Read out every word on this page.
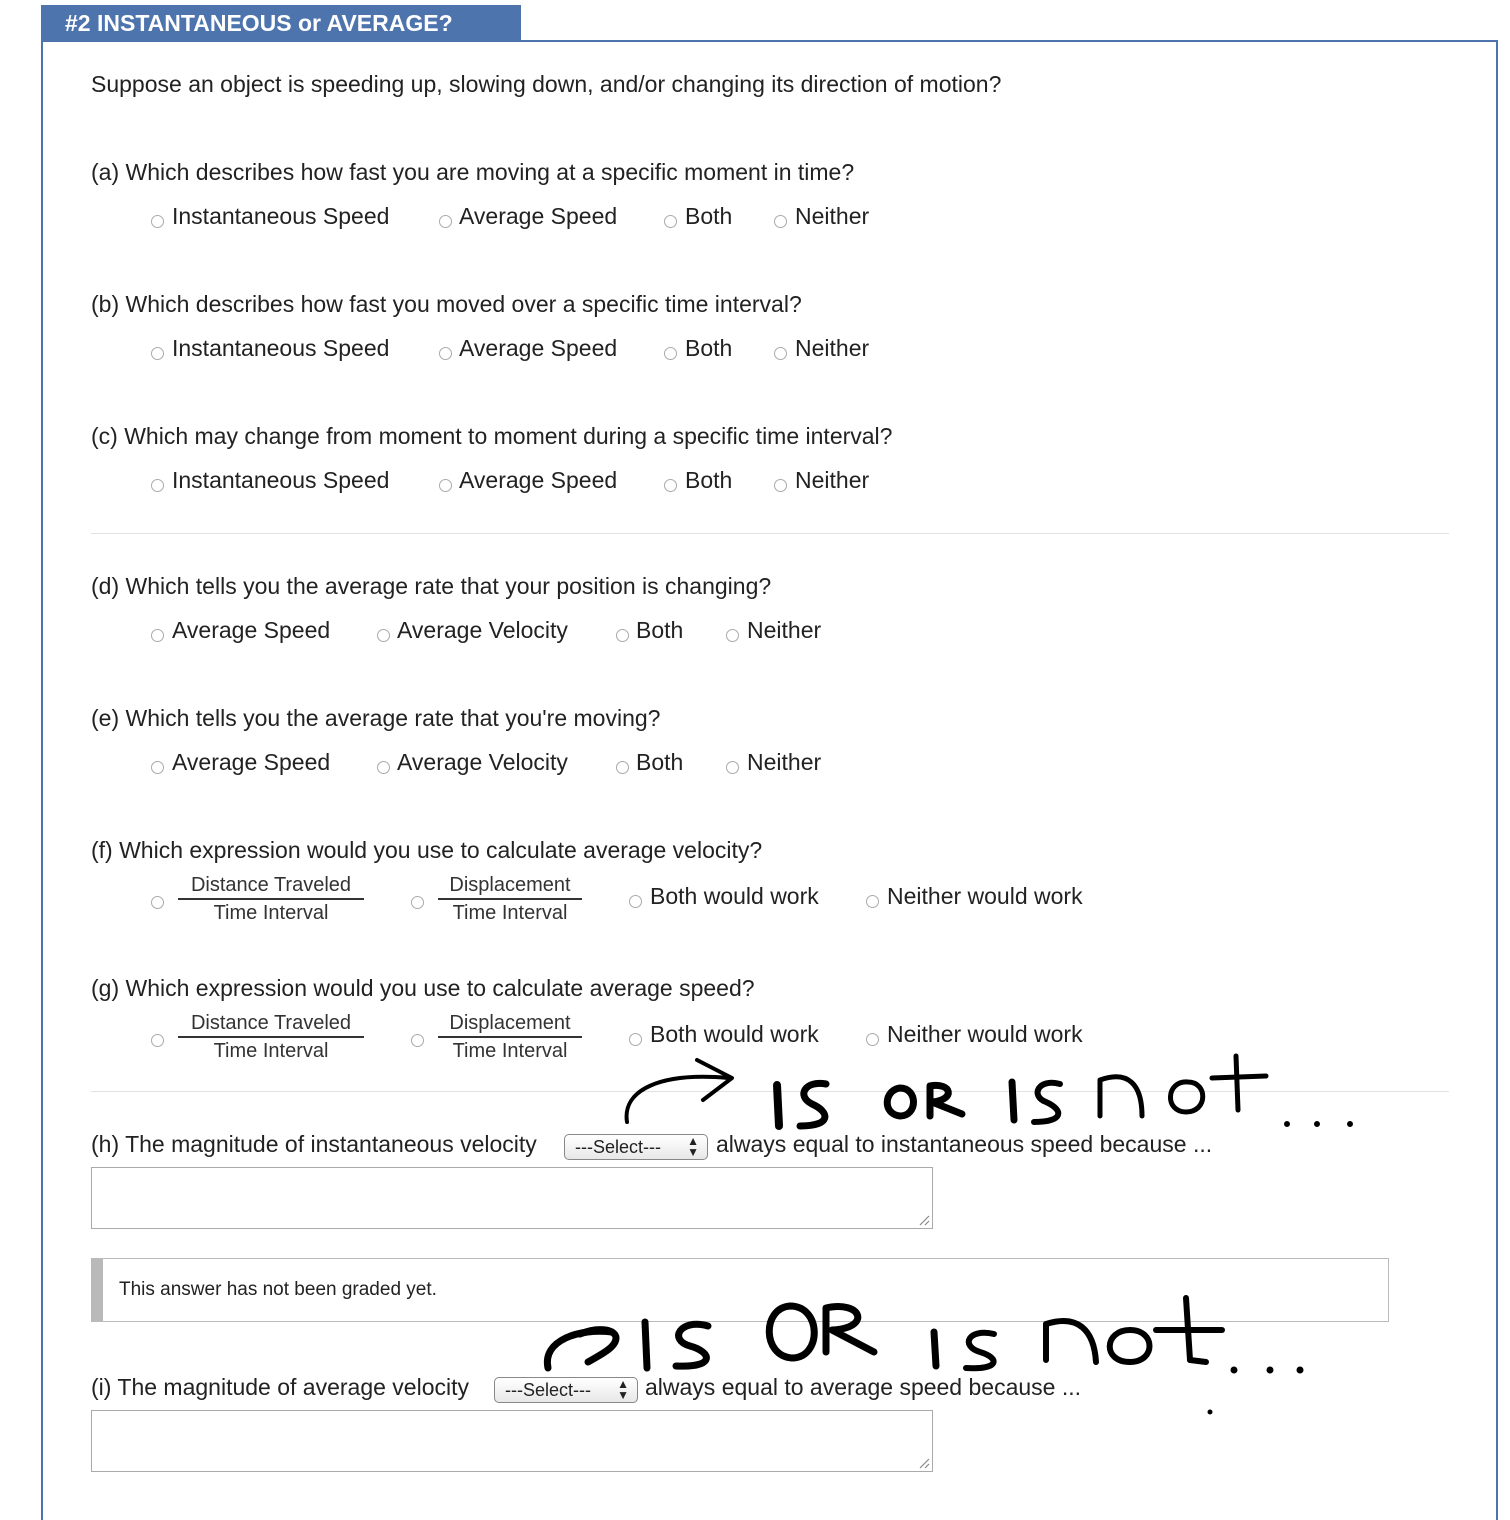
#2 INSTANTANEOUS or AVERAGE?
Suppose an object is speeding up, slowing down, and/or changing its direction of motion?
(a) Which describes how fast you are moving at a specific moment in time?
Instantaneous Speed	Average Speed	Both	Neither
(b) Which describes how fast you moved over a specific time interval?
Instantaneous Speed	Average Speed	Both	Neither
(c) Which may change from moment to moment during a specific time interval?
Instantaneous Speed	Average Speed	Both	Neither
(d) Which tells you the average rate that your position is changing?
Average Speed	Average Velocity	Both	Neither
(e) Which tells you the average rate that you're moving?
Average Speed	Average Velocity	Both	Neither
(f) Which expression would you use to calculate average velocity?
Distance Traveled
Time Interval
Displacement
Time Interval
Both would work	Neither would work
(g) Which expression would you use to calculate average speed?
Distance Traveled
Time Interval
Displacement
Time Interval
Both would work	Neither would work
(h) The magnitude of instantaneous velocity	---Select--- ▲
▼ always equal to instantaneous speed because ...
This answer has not been graded yet.
(i) The magnitude of average velocity	---Select--- ▲
▼ always equal to average speed because ...
